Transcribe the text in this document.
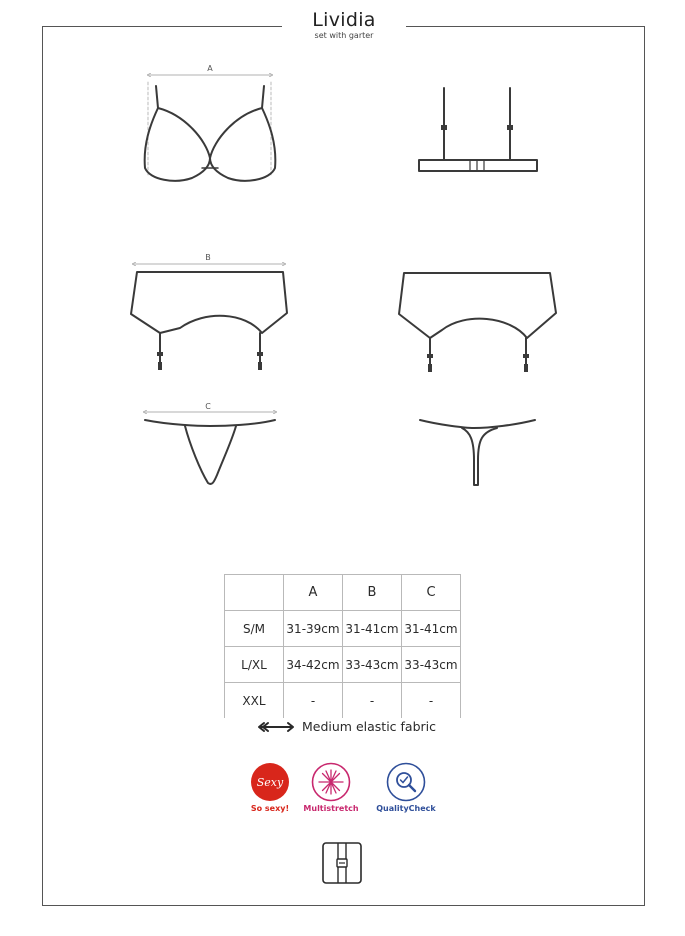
Lividia
set with garter
A
B
C
	A	B	C
S/M	31-39cm	31-41cm	31-41cm
L/XL	34-42cm	33-43cm	33-43cm
XXL	-	-	-
Medium elastic fabric
Sexy
So sexy!	Multistretch	QualityCheck
